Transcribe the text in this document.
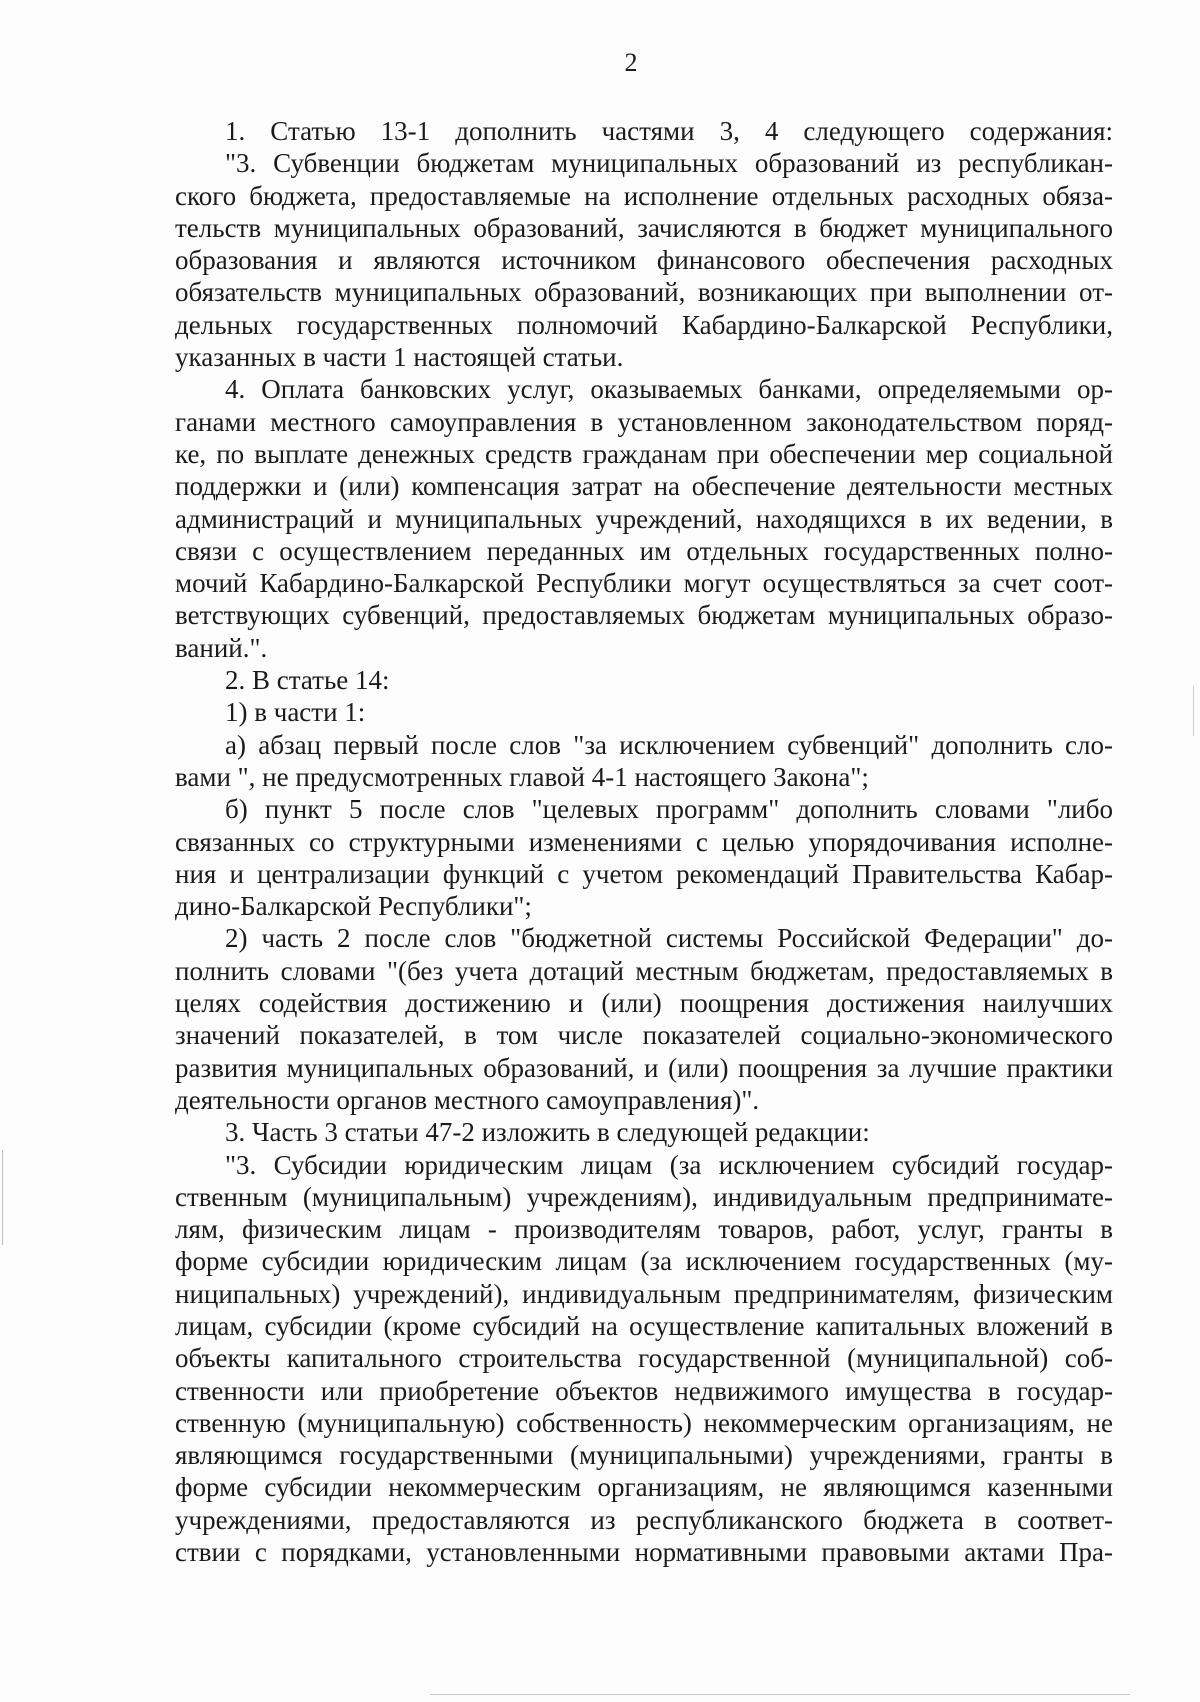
2
1. Статью 13-1 дополнить частями 3, 4 следующего содержания:
"3. Субвенции бюджетам муниципальных образований из республикан-
ского бюджета, предоставляемые на исполнение отдельных расходных обяза-
тельств муниципальных образований, зачисляются в бюджет муниципального
образования и являются источником финансового обеспечения расходных
обязательств муниципальных образований, возникающих при выполнении от-
дельных государственных полномочий Кабардино-Балкарской Республики,
указанных в части 1 настоящей статьи.
4. Оплата банковских услуг, оказываемых банками, определяемыми ор-
ганами местного самоуправления в установленном законодательством поряд-
ке, по выплате денежных средств гражданам при обеспечении мер социальной
поддержки и (или) компенсация затрат на обеспечение деятельности местных
администраций и муниципальных учреждений, находящихся в их ведении, в
связи с осуществлением переданных им отдельных государственных полно-
мочий Кабардино-Балкарской Республики могут осуществляться за счет соот-
ветствующих субвенций, предоставляемых бюджетам муниципальных образо-
ваний.".
2. В статье 14:
1) в части 1:
а) абзац первый после слов "за исключением субвенций" дополнить сло-
вами ", не предусмотренных главой 4-1 настоящего Закона";
б) пункт 5 после слов "целевых программ" дополнить словами "либо
связанных со структурными изменениями с целью упорядочивания исполне-
ния и централизации функций с учетом рекомендаций Правительства Кабар-
дино-Балкарской Республики";
2) часть 2 после слов "бюджетной системы Российской Федерации" до-
полнить словами "(без учета дотаций местным бюджетам, предоставляемых в
целях содействия достижению и (или) поощрения достижения наилучших
значений показателей, в том числе показателей социально-экономического
развития муниципальных образований, и (или) поощрения за лучшие практики
деятельности органов местного самоуправления)".
3. Часть 3 статьи 47-2 изложить в следующей редакции:
"3. Субсидии юридическим лицам (за исключением субсидий государ-
ственным (муниципальным) учреждениям), индивидуальным предпринимате-
лям, физическим лицам - производителям товаров, работ, услуг, гранты в
форме субсидии юридическим лицам (за исключением государственных (му-
ниципальных) учреждений), индивидуальным предпринимателям, физическим
лицам, субсидии (кроме субсидий на осуществление капитальных вложений в
объекты капитального строительства государственной (муниципальной) соб-
ственности или приобретение объектов недвижимого имущества в государ-
ственную (муниципальную) собственность) некоммерческим организациям, не
являющимся государственными (муниципальными) учреждениями, гранты в
форме субсидии некоммерческим организациям, не являющимся казенными
учреждениями, предоставляются из республиканского бюджета в соответ-
ствии с порядками, установленными нормативными правовыми актами Пра-
